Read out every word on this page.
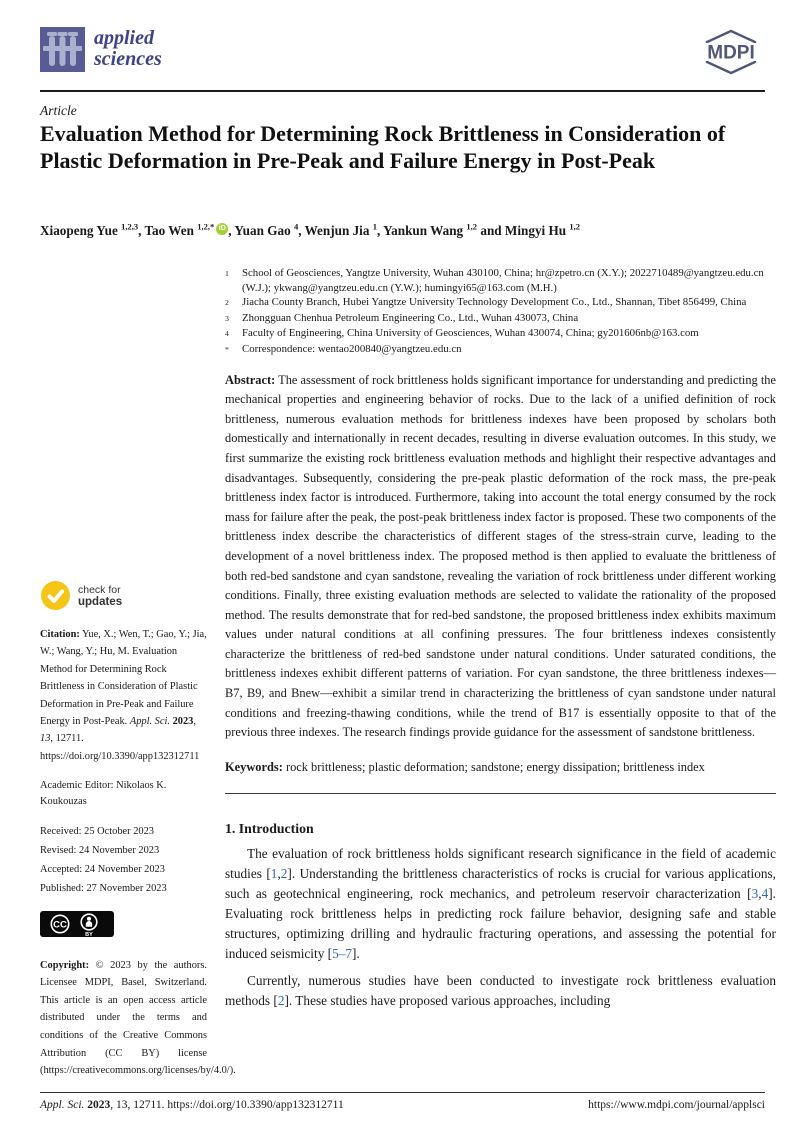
applied
sciences	MDPI
Article
Evaluation Method for Determining Rock Brittleness in Consideration of Plastic Deformation in Pre-Peak and Failure Energy in Post-Peak
Xiaopeng Yue $^{1,2,3}$, Tao Wen $^{1,2,*}$ iD , Yuan Gao $^4$, Wenjun Jia $^1$, Yankun Wang $^{1,2}$ and Mingyi Hu $^{1,2}$
1	School of Geosciences, Yangtze University, Wuhan 430100, China; hr@zpetro.cn (X.Y.); 2022710489@yangtzeu.edu.cn (W.J.); ykwang@yangtzeu.edu.cn (Y.W.); humingyi65@163.com (M.H.)
2	Jiacha County Branch, Hubei Yangtze University Technology Development Co., Ltd., Shannan, Tibet 856499, China
3	Zhongguan Chenhua Petroleum Engineering Co., Ltd., Wuhan 430073, China
4	Faculty of Engineering, China University of Geosciences, Wuhan 430074, China; gy201606nb@163.com
*	Correspondence: wentao200840@yangtzeu.edu.cn

Abstract: The assessment of rock brittleness holds significant importance for understanding and predicting the mechanical properties and engineering behavior of rocks. Due to the lack of a unified definition of rock brittleness, numerous evaluation methods for brittleness indexes have been proposed by scholars both domestically and internationally in recent decades, resulting in diverse evaluation outcomes. In this study, we first summarize the existing rock brittleness evaluation methods and highlight their respective advantages and disadvantages. Subsequently, considering the pre-peak plastic deformation of the rock mass, the pre-peak brittleness index factor is introduced. Furthermore, taking into account the total energy consumed by the rock mass for failure after the peak, the post-peak brittleness index factor is proposed. These two components of the brittleness index describe the characteristics of different stages of the stress-strain curve, leading to the development of a novel brittleness index. The proposed method is then applied to evaluate the brittleness of both red-bed sandstone and cyan sandstone, revealing the variation of rock brittleness under different working conditions. Finally, three existing evaluation methods are selected to validate the rationality of the proposed method. The results demonstrate that for red-bed sandstone, the proposed brittleness index exhibits maximum values under natural conditions at all confining pressures. The four brittleness indexes consistently characterize the brittleness of red-bed sandstone under natural conditions. Under saturated conditions, the brittleness indexes exhibit different patterns of variation. For cyan sandstone, the three brittleness indexes—B7, B9, and Bnew—exhibit a similar trend in characterizing the brittleness of cyan sandstone under natural conditions and freezing-thawing conditions, while the trend of B17 is essentially opposite to that of the previous three indexes. The research findings provide guidance for the assessment of sandstone brittleness.

Keywords: rock brittleness; plastic deformation; sandstone; energy dissipation; brittleness index

1. Introduction

The evaluation of rock brittleness holds significant research significance in the field of academic studies [1,2]. Understanding the brittleness characteristics of rocks is crucial for various applications, such as geotechnical engineering, rock mechanics, and petroleum reservoir characterization [3,4]. Evaluating rock brittleness helps in predicting rock failure behavior, designing safe and stable structures, optimizing drilling and hydraulic fracturing operations, and assessing the potential for induced seismicity [5–7].

Currently, numerous studies have been conducted to investigate rock brittleness evaluation methods [2]. These studies have proposed various approaches, including

check for
updates

Citation: Yue, X.; Wen, T.; Gao, Y.; Jia, W.; Wang, Y.; Hu, M. Evaluation Method for Determining Rock Brittleness in Consideration of Plastic Deformation in Pre-Peak and Failure Energy in Post-Peak. Appl. Sci. 2023, 13, 12711. https://doi.org/10.3390/app132312711

Academic Editor: Nikolaos K. Koukouzas

Received: 25 October 2023
Revised: 24 November 2023
Accepted: 24 November 2023
Published: 27 November 2023
CC
BY

Copyright: © 2023 by the authors. Licensee MDPI, Basel, Switzerland. This article is an open access article distributed under the terms and conditions of the Creative Commons Attribution (CC BY) license (https://creativecommons.org/licenses/by/4.0/).

Appl. Sci. 2023, 13, 12711. https://doi.org/10.3390/app132312711	https://www.mdpi.com/journal/applsci
